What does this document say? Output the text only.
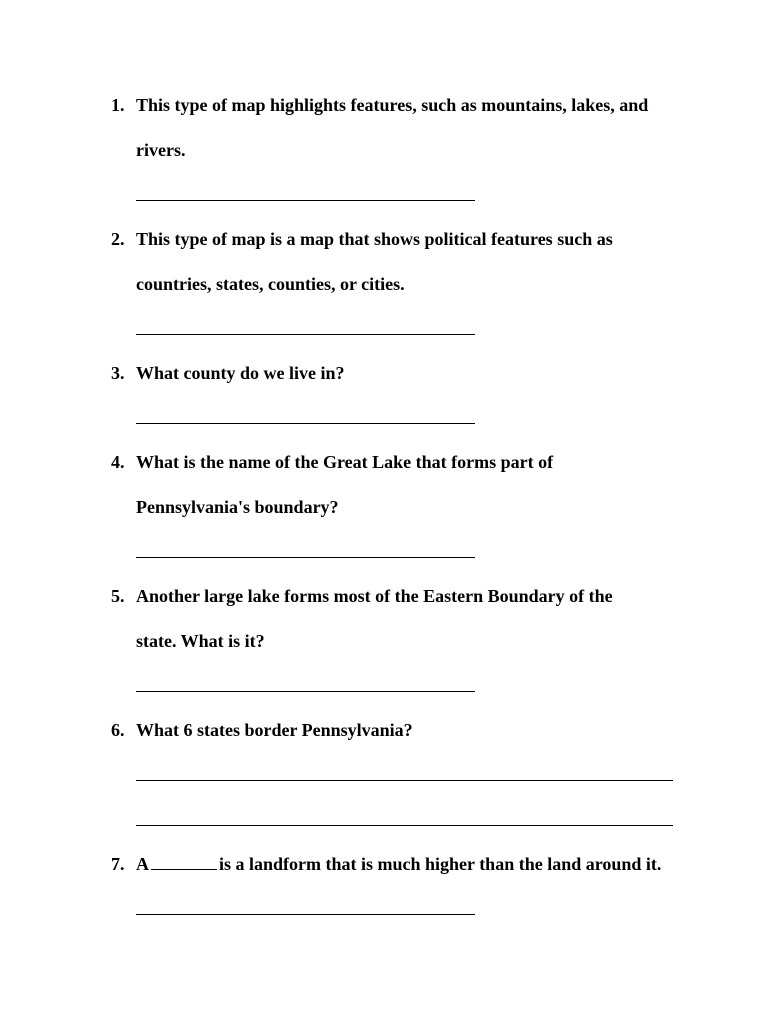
1. This type of map highlights features, such as mountains, lakes, and
rivers.
2. This type of map is a map that shows political features such as
countries, states, counties, or cities.
3. What county do we live in?
4. What is the name of the Great Lake that forms part of
Pennsylvania's boundary?
5. Another large lake forms most of the Eastern Boundary of the
state. What is it?
6. What 6 states border Pennsylvania?
7. A	is a landform that is much higher than the land around it.
